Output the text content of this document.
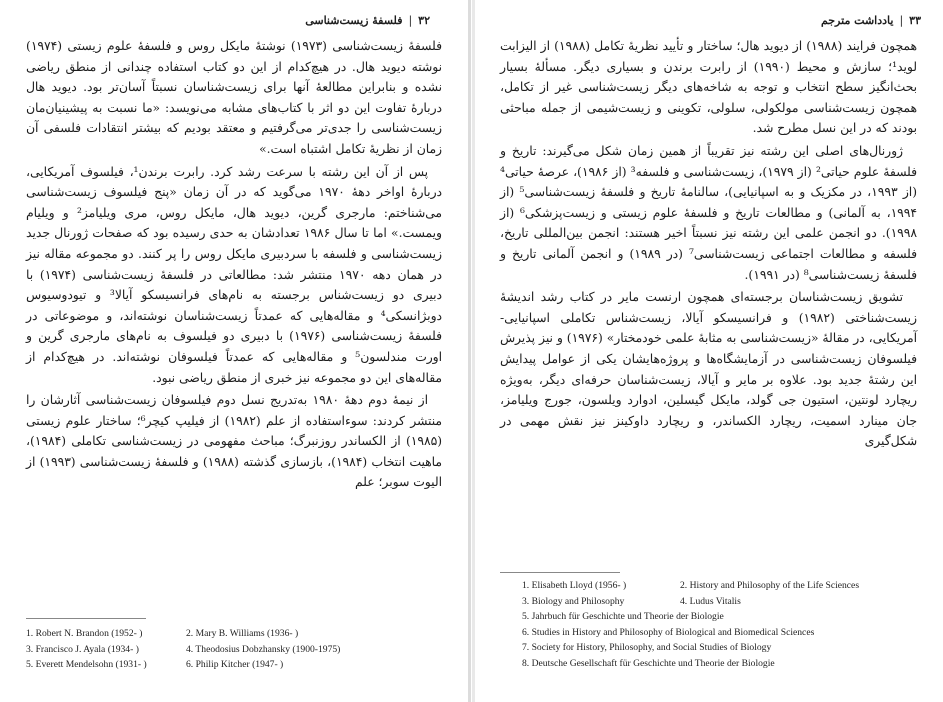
۳۲|فلسفهٔ زیست‌شناسی

فلسفهٔ زیست‌شناسی (۱۹۷۳) نوشتهٔ مایکل روس و فلسفهٔ علوم زیستی (۱۹۷۴) نوشته دیوید هال. در هیچ‌کدام از این دو کتاب استفاده چندانی از منطق ریاضی نشده و بنابراین مطالعهٔ آنها برای زیست‌شناسان نسبتاً آسان‌تر بود. دیوید هال دربارهٔ تفاوت این دو اثر با کتاب‌های مشابه می‌نویسد: «ما نسبت به پیشینیان‌مان زیست‌شناسی را جدی‌تر می‌گرفتیم و معتقد بودیم که بیشتر انتقادات فلسفی آن زمان از نظریهٔ تکامل اشتباه است.»

پس از آن این رشته با سرعت رشد کرد. رابرت برندن¹، فیلسوف آمریکایی، دربارهٔ اواخر دههٔ ۱۹۷۰ می‌گوید که در آن زمان «پنج فیلسوف زیست‌شناسی می‌شناختم: مارجری گرین، دیوید هال، مایکل روس، مری ویلیامز² و ویلیام ویمست.» اما تا سال ۱۹۸۶ تعدادشان به حدی رسیده بود که صفحات ژورنال جدید زیست‌شناسی و فلسفه با سردبیری مایکل روس را پر کنند. دو مجموعه مقاله نیز در همان دهه ۱۹۷۰ منتشر شد: مطالعاتی در فلسفهٔ زیست‌شناسی (۱۹۷۴) با دبیری دو زیست‌شناس برجسته به نام‌های فرانسیسکو آیالا³ و تیودوسیوس دوبژانسکی⁴ و مقاله‌هایی که عمدتاً زیست‌شناسان نوشته‌اند، و موضوعاتی در فلسفهٔ زیست‌شناسی (۱۹۷۶) با دبیری دو فیلسوف به نام‌های مارجری گرین و اورت مندلسون⁵ و مقاله‌هایی که عمدتاً فیلسوفان نوشته‌اند. در هیچ‌کدام از مقاله‌های این دو مجموعه نیز خبری از منطق ریاضی نبود.

از نیمهٔ دوم دههٔ ۱۹۸۰ به‌تدریج نسل دوم فیلسوفان زیست‌شناسی آثارشان را منتشر کردند: سوءاستفاده از علم (۱۹۸۲) از فیلیپ کیچر⁶؛ ساختار علوم زیستی (۱۹۸۵) از الکساندر روزنبرگ؛ مباحث مفهومی در زیست‌شناسی تکاملی (۱۹۸۴)، ماهیت انتخاب (۱۹۸۴)، بازسازی گذشته (۱۹۸۸) و فلسفهٔ زیست‌شناسی (۱۹۹۳) از الیوت سوبر؛ علم

1. Robert N. Brandon (1952- )	2. Mary B. Williams (1936- )
3. Francisco J. Ayala (1934- )	4. Theodosius Dobzhansky (1900-1975)
5. Everett Mendelsohn (1931- )	6. Philip Kitcher (1947- )
۳۳|یادداشت مترجم

همچون فرایند (۱۹۸۸) از دیوید هال؛ ساختار و تأیید نظریهٔ تکامل (۱۹۸۸) از الیزابت لوید¹؛ سازش و محیط (۱۹۹۰) از رابرت برندن و بسیاری دیگر. مسألهٔ بسیار بحث‌انگیز سطح انتخاب و توجه به شاخه‌های دیگر زیست‌شناسی غیر از تکامل، همچون زیست‌شناسی مولکولی، سلولی، تکوینی و زیست‌شیمی از جمله مباحثی بودند که در این نسل مطرح شد.

ژورنال‌های اصلی این رشته نیز تقریباً از همین زمان شکل می‌گیرند: تاریخ و فلسفهٔ علوم حیاتی² (از ۱۹۷۹)، زیست‌شناسی و فلسفه³ (از ۱۹۸۶)، عرصهٔ حیاتی⁴ (از ۱۹۹۳، در مکزیک و به اسپانیایی)، سالنامهٔ تاریخ و فلسفهٔ زیست‌شناسی⁵ (از ۱۹۹۴، به آلمانی) و مطالعات تاریخ و فلسفهٔ علوم زیستی و زیست‌پزشکی⁶ (از ۱۹۹۸). دو انجمن علمی این رشته نیز نسبتاً اخیر هستند: انجمن بین‌المللی تاریخ، فلسفه و مطالعات اجتماعی زیست‌شناسی⁷ (در ۱۹۸۹) و انجمن آلمانی تاریخ و فلسفهٔ زیست‌شناسی⁸ (در ۱۹۹۱).

تشویق زیست‌شناسان برجسته‌ای همچون ارنست مایر در کتاب رشد اندیشهٔ زیست‌شناختی (۱۹۸۲) و فرانسیسکو آیالا، زیست‌شناس تکاملی اسپانیایی-آمریکایی، در مقالهٔ «زیست‌شناسی به مثابهٔ علمی خودمختار» (۱۹۷۶) و نیز پذیرش فیلسوفان زیست‌شناسی در آزمایشگاه‌ها و پروژه‌هایشان یکی از عوامل پیدایش این رشتهٔ جدید بود. علاوه بر مایر و آیالا، زیست‌شناسان حرفه‌ای دیگر، به‌ویژه ریچارد لونتین، استیون جی گولد، مایکل گیسلین، ادوارد ویلسون، جورج ویلیامز، جان مینارد اسمیت، ریچارد الکساندر، و ریچارد داوکینز نیز نقش مهمی در شکل‌گیری

1. Elisabeth Lloyd (1956- )	2. History and Philosophy of the Life Sciences
3. Biology and Philosophy	4. Ludus Vitalis
5. Jahrbuch für Geschichte und Theorie der Biologie
6. Studies in History and Philosophy of Biological and Biomedical Sciences
7. Society for History, Philosophy, and Social Studies of Biology
8. Deutsche Gesellschaft für Geschichte und Theorie der Biologie
